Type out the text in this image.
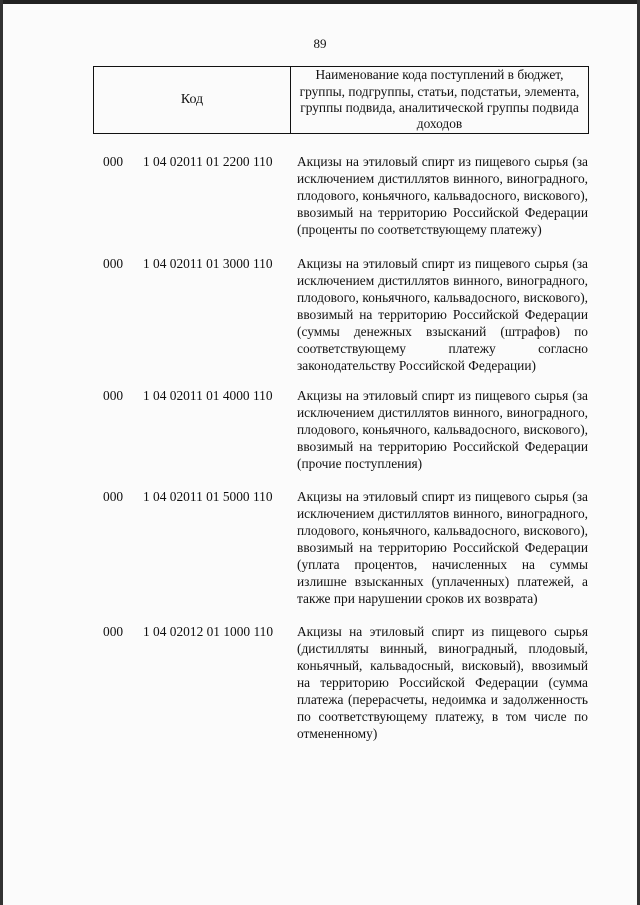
89
Код
Наименование кода поступлений в бюджет, группы, подгруппы, статьи, подстатьи, элемента, группы подвида, аналитической группы подвида доходов
000 1 04 02011 01 2200 110 Акцизы на этиловый спирт из пищевого сырья (за исключением дистиллятов винного, виноградного, плодового, коньячного, кальвадосного, вискового), ввозимый на территорию Российской Федерации (проценты по соответствующему платежу)
000 1 04 02011 01 3000 110 Акцизы на этиловый спирт из пищевого сырья (за исключением дистиллятов винного, виноградного, плодового, коньячного, кальвадосного, вискового), ввозимый на территорию Российской Федерации (суммы денежных взысканий (штрафов) по соответствующему платежу согласно законодательству Российской Федерации)
000 1 04 02011 01 4000 110 Акцизы на этиловый спирт из пищевого сырья (за исключением дистиллятов винного, виноградного, плодового, коньячного, кальвадосного, вискового), ввозимый на территорию Российской Федерации (прочие поступления)
000 1 04 02011 01 5000 110 Акцизы на этиловый спирт из пищевого сырья (за исключением дистиллятов винного, виноградного, плодового, коньячного, кальвадосного, вискового), ввозимый на территорию Российской Федерации (уплата процентов, начисленных на суммы излишне взысканных (уплаченных) платежей, а также при нарушении сроков их возврата)
000 1 04 02012 01 1000 110 Акцизы на этиловый спирт из пищевого сырья (дистилляты винный, виноградный, плодовый, коньячный, кальвадосный, висковый), ввозимый на территорию Российской Федерации (сумма платежа (перерасчеты, недоимка и задолженность по соответствующему платежу, в том числе по отмененному)
